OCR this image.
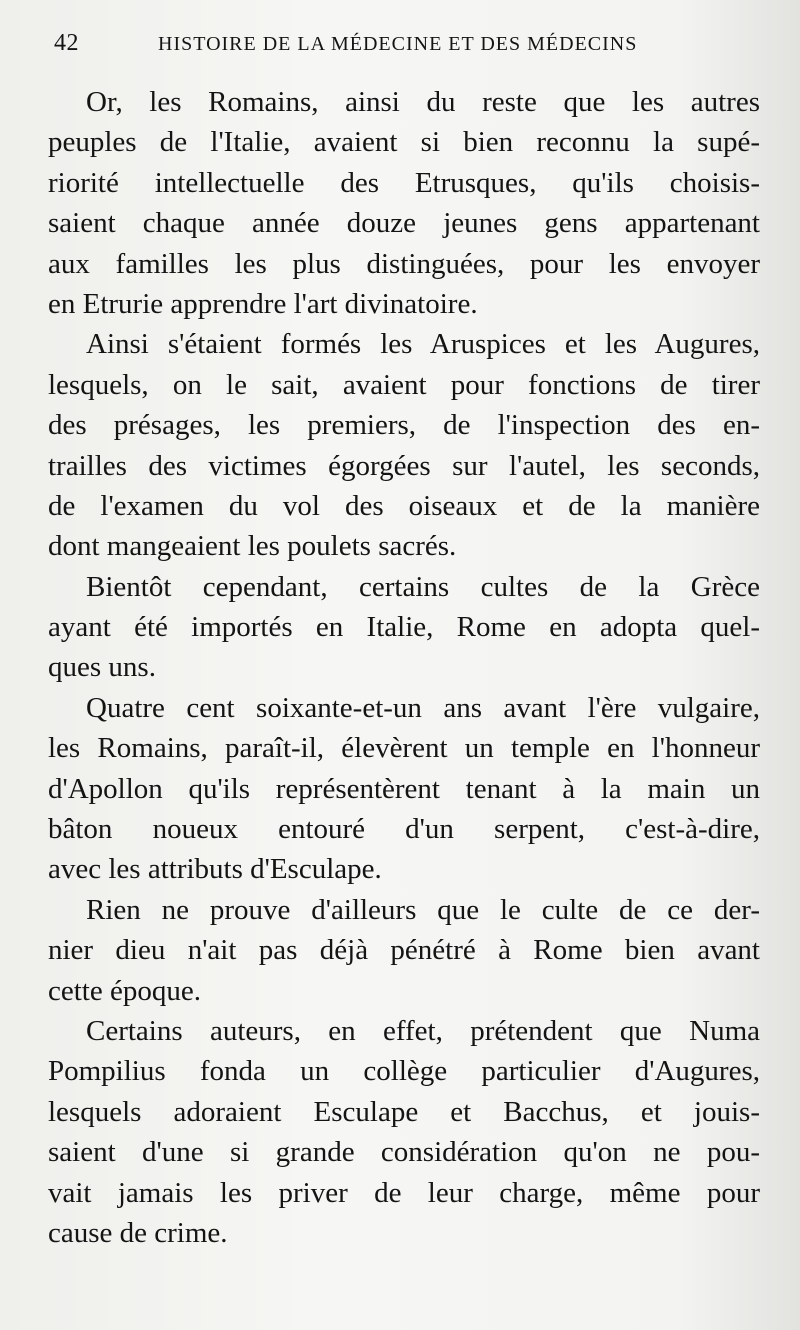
42	HISTOIRE DE LA MÉDECINE ET DES MÉDECINS

Or, les Romains, ainsi du reste que les autres
peuples de l'Italie, avaient si bien reconnu la supé-
riorité intellectuelle des Etrusques, qu'ils choisis-
saient chaque année douze jeunes gens appartenant
aux familles les plus distinguées, pour les envoyer
en Etrurie apprendre l'art divinatoire.

Ainsi s'étaient formés les Aruspices et les Augures,
lesquels, on le sait, avaient pour fonctions de tirer
des présages, les premiers, de l'inspection des en-
trailles des victimes égorgées sur l'autel, les seconds,
de l'examen du vol des oiseaux et de la manière
dont mangeaient les poulets sacrés.

Bientôt cependant, certains cultes de la Grèce
ayant été importés en Italie, Rome en adopta quel-
ques uns.

Quatre cent soixante-et-un ans avant l'ère vulgaire,
les Romains, paraît-il, élevèrent un temple en l'honneur
d'Apollon qu'ils représentèrent tenant à la main un
bâton noueux entouré d'un serpent, c'est-à-dire,
avec les attributs d'Esculape.

Rien ne prouve d'ailleurs que le culte de ce der-
nier dieu n'ait pas déjà pénétré à Rome bien avant
cette époque.

Certains auteurs, en effet, prétendent que Numa
Pompilius fonda un collège particulier d'Augures,
lesquels adoraient Esculape et Bacchus, et jouis-
saient d'une si grande considération qu'on ne pou-
vait jamais les priver de leur charge, même pour
cause de crime.
